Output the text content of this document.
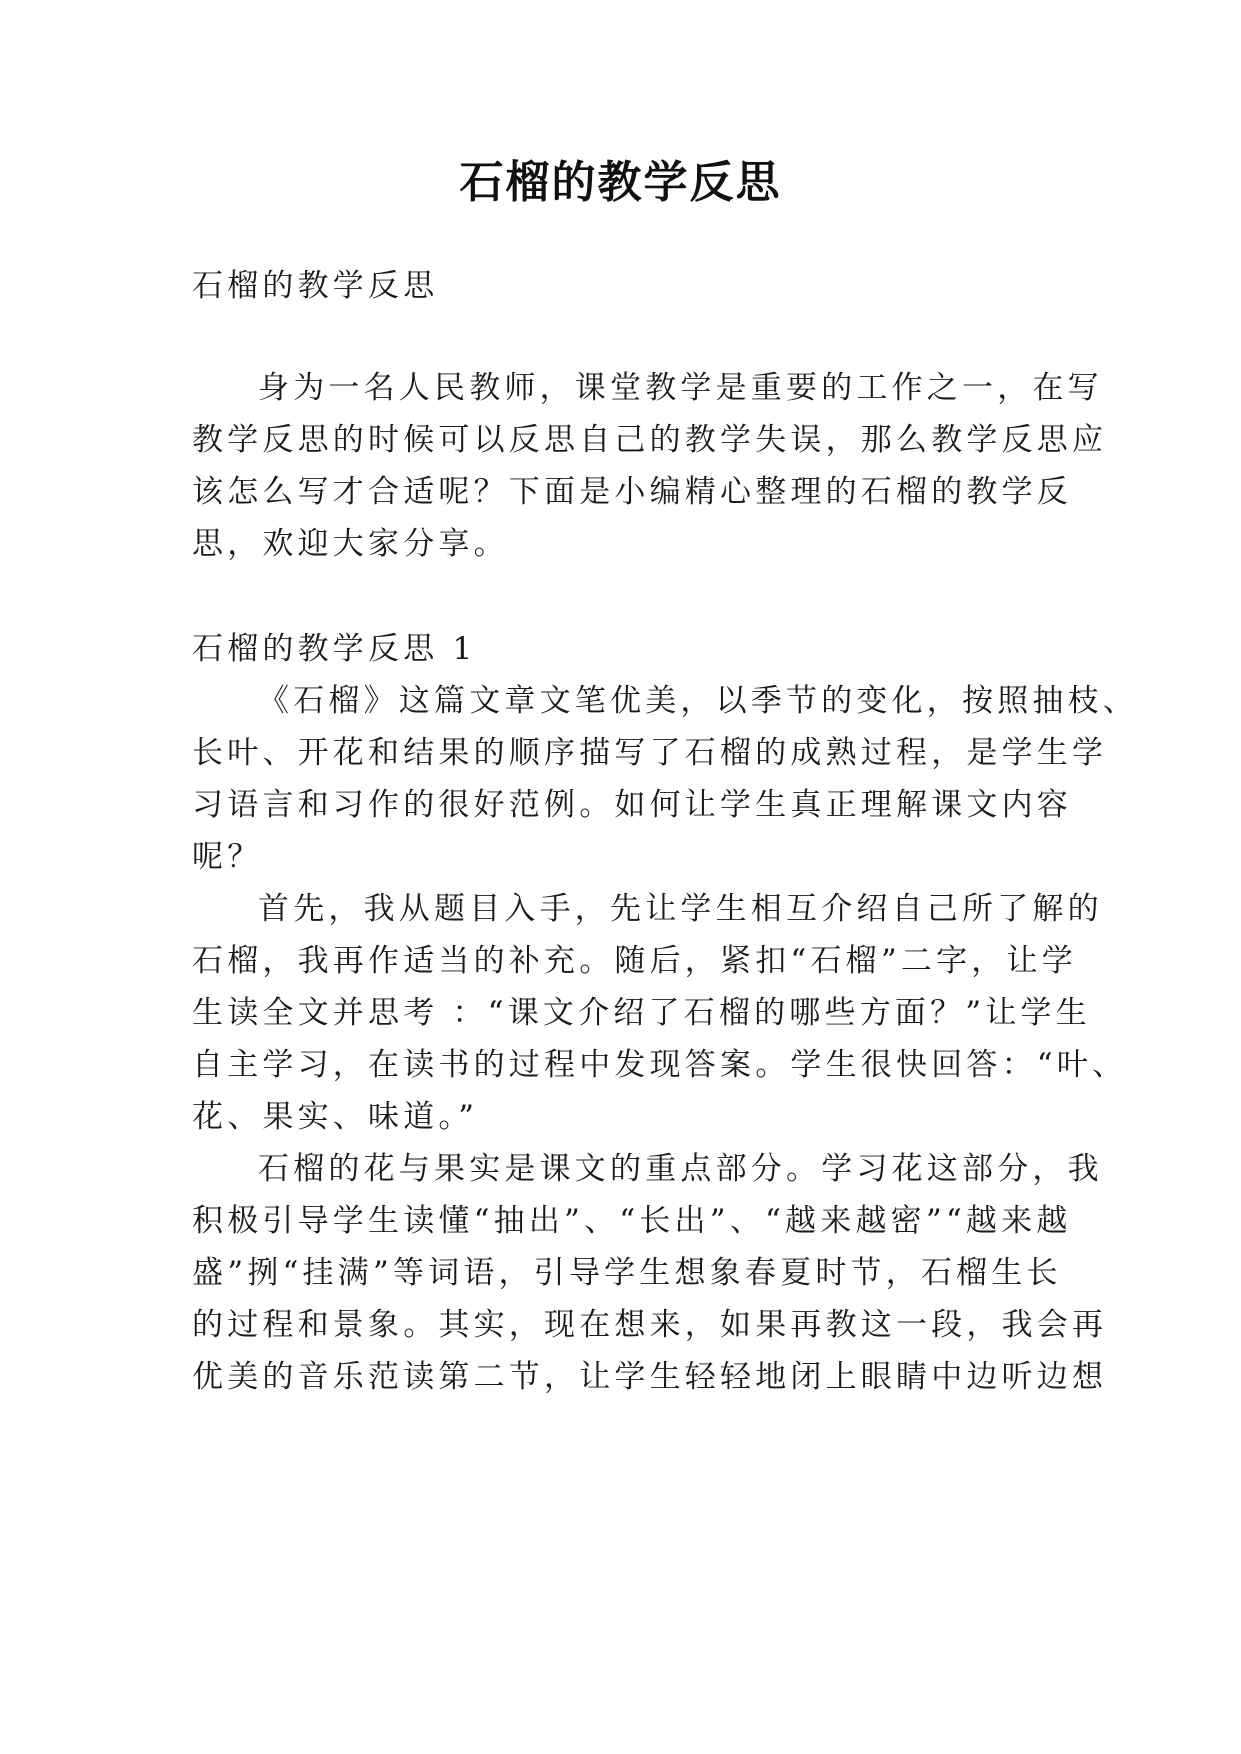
石榴的教学反思
石榴的教学反思
身为一名人民教师，课堂教学是重要的工作之一，在写
教学反思的时候可以反思自己的教学失误，那么教学反思应
该怎么写才合适呢？下面是小编精心整理的石榴的教学反
思，欢迎大家分享。
石榴的教学反思 1
《石榴》这篇文章文笔优美，以季节的变化，按照抽枝、
长叶、开花和结果的顺序描写了石榴的成熟过程，是学生学
习语言和习作的很好范例。如何让学生真正理解课文内容
呢？
首先，我从题目入手，先让学生相互介绍自己所了解的
石榴，我再作适当的补充。随后，紧扣“石榴”二字，让学
生读全文并思考 ：“课文介绍了石榴的哪些方面？”让学生
自主学习，在读书的过程中发现答案。学生很快回答：“叶、
花、果实、味道。”
石榴的花与果实是课文的重点部分。学习花这部分，我
积极引导学生读懂“抽出”、“长出”、“越来越密”“越来越
盛”挒“挂满”等词语，引导学生想象春夏时节，石榴生长
的过程和景象。其实，现在想来，如果再教这一段，我会再
优美的音乐范读第二节，让学生轻轻地闭上眼睛中边听边想
